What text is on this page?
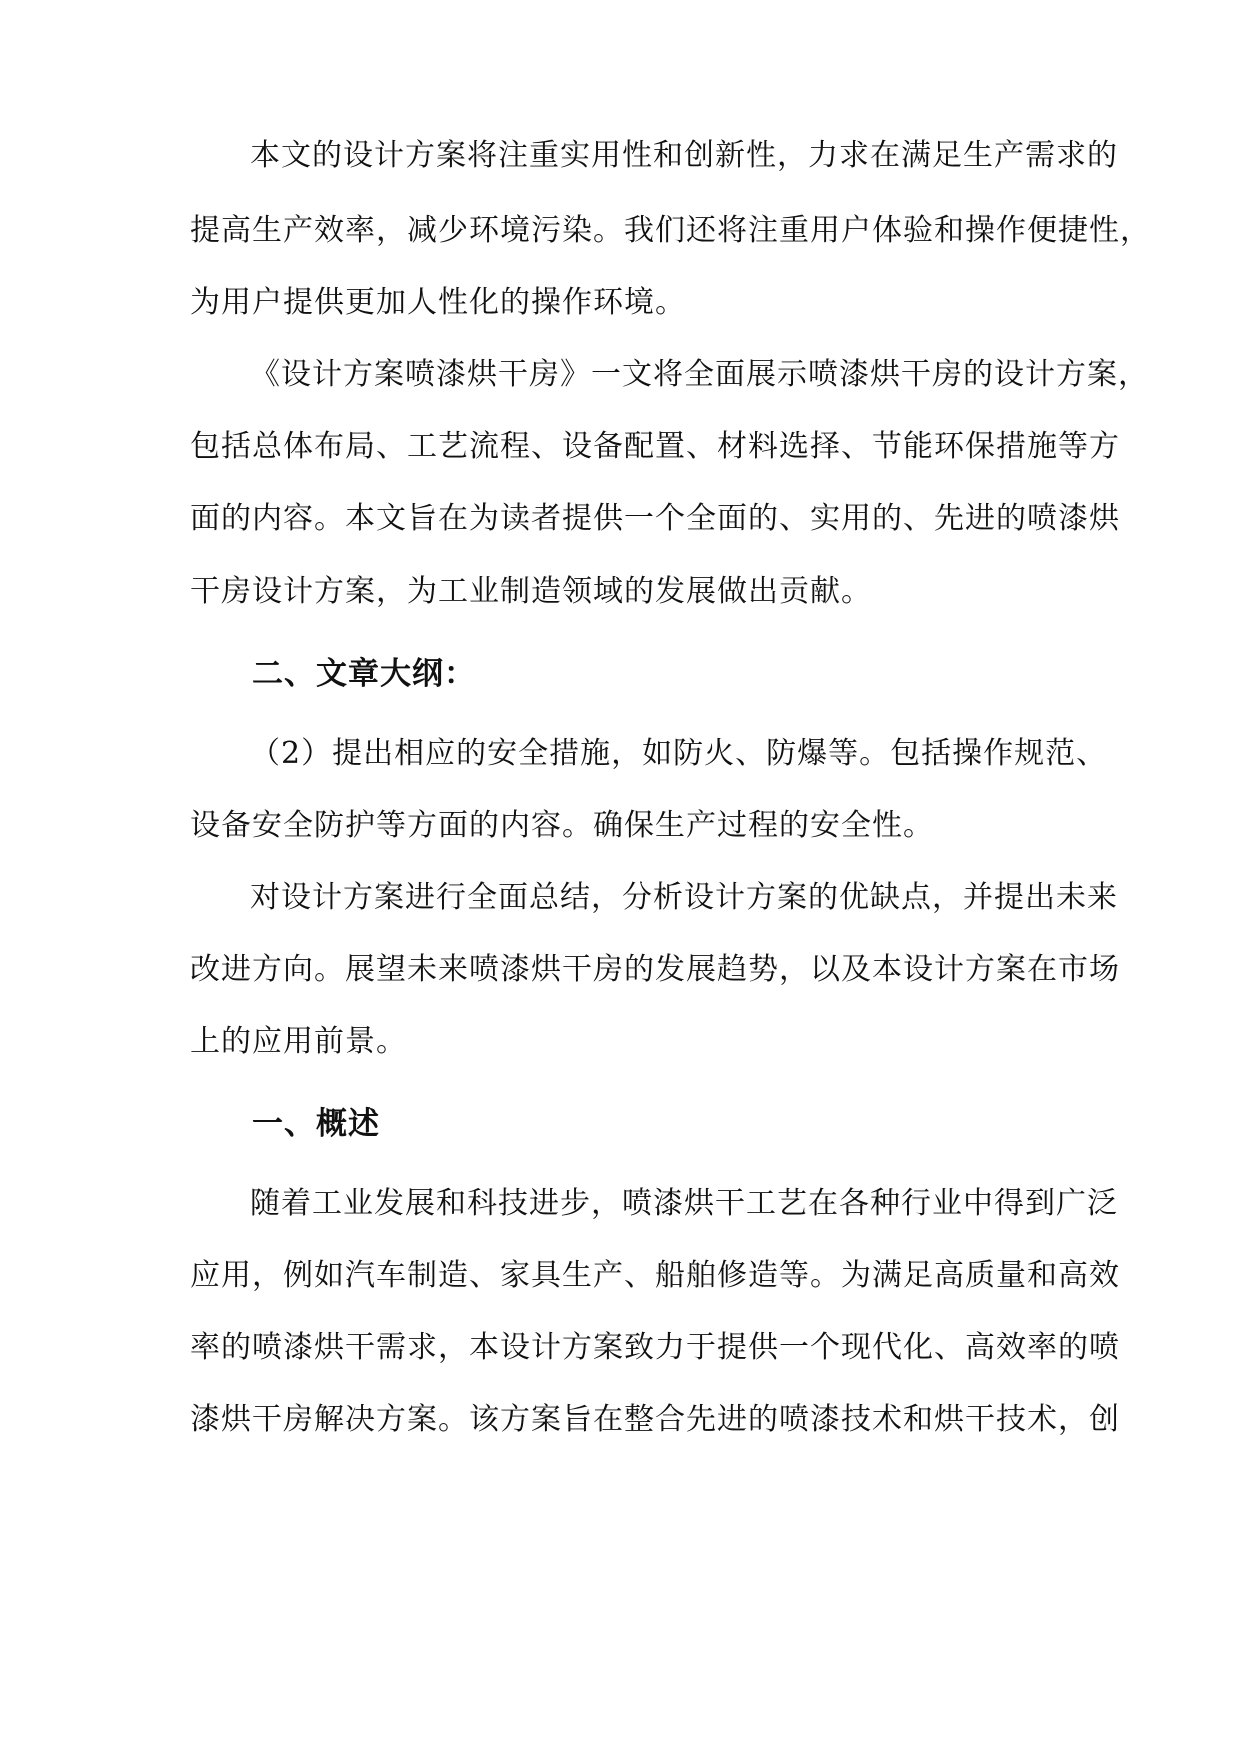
本文的设计方案将注重实用性和创新性，力求在满足生产需求的
提高生产效率，减少环境污染。我们还将注重用户体验和操作便捷性，
为用户提供更加人性化的操作环境。
《设计方案喷漆烘干房》一文将全面展示喷漆烘干房的设计方案，
包括总体布局、工艺流程、设备配置、材料选择、节能环保措施等方
面的内容。本文旨在为读者提供一个全面的、实用的、先进的喷漆烘
干房设计方案，为工业制造领域的发展做出贡献。
二、文章大纲：
（2）提出相应的安全措施，如防火、防爆等。包括操作规范、
设备安全防护等方面的内容。确保生产过程的安全性。
对设计方案进行全面总结，分析设计方案的优缺点，并提出未来
改进方向。展望未来喷漆烘干房的发展趋势，以及本设计方案在市场
上的应用前景。
一、概述
随着工业发展和科技进步，喷漆烘干工艺在各种行业中得到广泛
应用，例如汽车制造、家具生产、船舶修造等。为满足高质量和高效
率的喷漆烘干需求，本设计方案致力于提供一个现代化、高效率的喷
漆烘干房解决方案。该方案旨在整合先进的喷漆技术和烘干技术，创
